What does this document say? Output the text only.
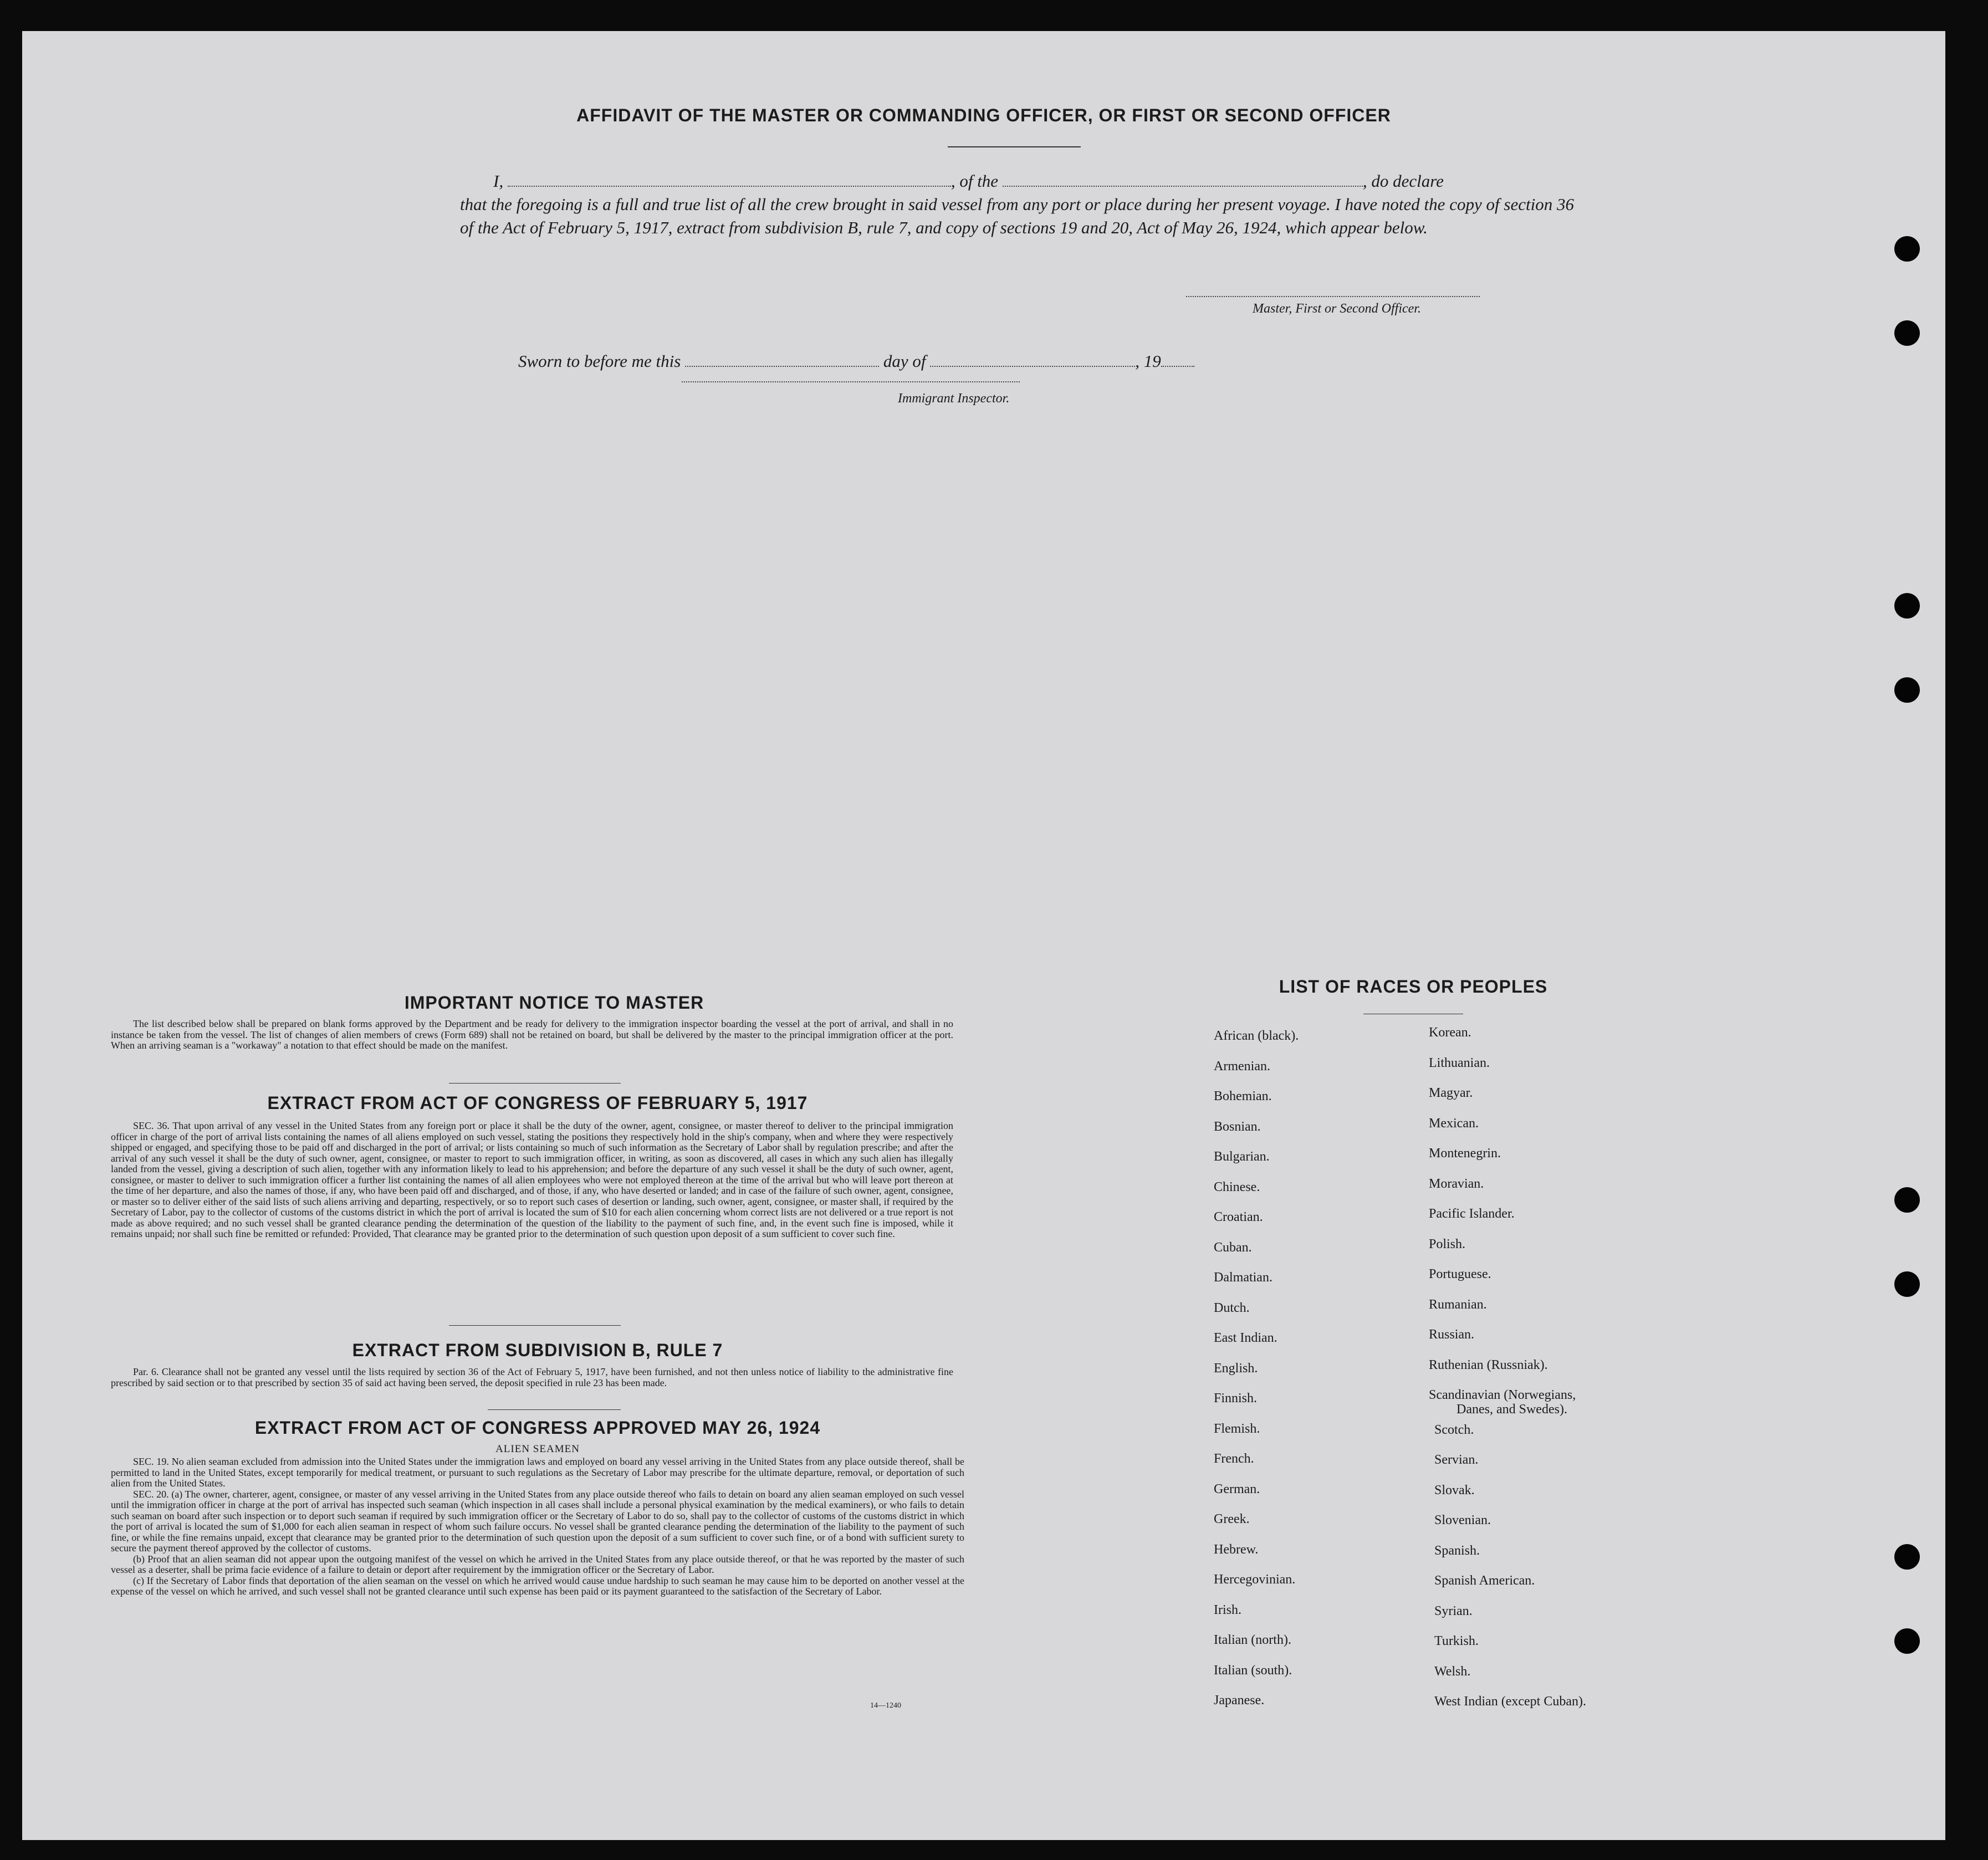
AFFIDAVIT OF THE MASTER OR COMMANDING OFFICER, OR FIRST OR SECOND OFFICER
I,	, of the	, do declare
that the foregoing is a full and true list of all the crew brought in said vessel from any port or place during her present voyage. I have noted the copy of section 36 of the Act of February 5, 1917, extract from subdivision B, rule 7, and copy of sections 19 and 20, Act of May 26, 1924, which appear below.
Master, First or Second Officer.
Sworn to before me this	day of	, 19
Immigrant Inspector.
IMPORTANT NOTICE TO MASTER
The list described below shall be prepared on blank forms approved by the Department and be ready for delivery to the immigration inspector boarding the vessel at the port of arrival, and shall in no instance be taken from the vessel. The list of changes of alien members of crews (Form 689) shall not be retained on board, but shall be delivered by the master to the principal immigration officer at the port. When an arriving seaman is a "workaway" a notation to that effect should be made on the manifest.
EXTRACT FROM ACT OF CONGRESS OF FEBRUARY 5, 1917
SEC. 36. That upon arrival of any vessel in the United States from any foreign port or place it shall be the duty of the owner, agent, consignee, or master thereof to deliver to the principal immigration officer in charge of the port of arrival lists containing the names of all aliens employed on such vessel, stating the positions they respectively hold in the ship's company, when and where they were respectively shipped or engaged, and specifying those to be paid off and discharged in the port of arrival; or lists containing so much of such information as the Secretary of Labor shall by regulation prescribe; and after the arrival of any such vessel it shall be the duty of such owner, agent, consignee, or master to report to such immigration officer, in writing, as soon as discovered, all cases in which any such alien has illegally landed from the vessel, giving a description of such alien, together with any information likely to lead to his apprehension; and before the departure of any such vessel it shall be the duty of such owner, agent, consignee, or master to deliver to such immigration officer a further list containing the names of all alien employees who were not employed thereon at the time of the arrival but who will leave port thereon at the time of her departure, and also the names of those, if any, who have been paid off and discharged, and of those, if any, who have deserted or landed; and in case of the failure of such owner, agent, consignee, or master so to deliver either of the said lists of such aliens arriving and departing, respectively, or so to report such cases of desertion or landing, such owner, agent, consignee, or master shall, if required by the Secretary of Labor, pay to the collector of customs of the customs district in which the port of arrival is located the sum of $10 for each alien concerning whom correct lists are not delivered or a true report is not made as above required; and no such vessel shall be granted clearance pending the determination of the question of the liability to the payment of such fine, and, in the event such fine is imposed, while it remains unpaid; nor shall such fine be remitted or refunded: Provided, That clearance may be granted prior to the determination of such question upon deposit of a sum sufficient to cover such fine.
EXTRACT FROM SUBDIVISION B, RULE 7
Par. 6. Clearance shall not be granted any vessel until the lists required by section 36 of the Act of February 5, 1917, have been furnished, and not then unless notice of liability to the administrative fine prescribed by said section or to that prescribed by section 35 of said act having been served, the deposit specified in rule 23 has been made.
EXTRACT FROM ACT OF CONGRESS APPROVED MAY 26, 1924
ALIEN SEAMEN
SEC. 19. No alien seaman excluded from admission into the United States under the immigration laws and employed on board any vessel arriving in the United States from any place outside thereof, shall be permitted to land in the United States, except temporarily for medical treatment, or pursuant to such regulations as the Secretary of Labor may prescribe for the ultimate departure, removal, or deportation of such alien from the United States.
SEC. 20. (a) The owner, charterer, agent, consignee, or master of any vessel arriving in the United States from any place outside thereof who fails to detain on board any alien seaman employed on such vessel until the immigration officer in charge at the port of arrival has inspected such seaman (which inspection in all cases shall include a personal physical examination by the medical examiners), or who fails to detain such seaman on board after such inspection or to deport such seaman if required by such immigration officer or the Secretary of Labor to do so, shall pay to the collector of customs of the customs district in which the port of arrival is located the sum of $1,000 for each alien seaman in respect of whom such failure occurs. No vessel shall be granted clearance pending the determination of the liability to the payment of such fine, or while the fine remains unpaid, except that clearance may be granted prior to the determination of such question upon the deposit of a sum sufficient to cover such fine, or of a bond with sufficient surety to secure the payment thereof approved by the collector of customs.
(b) Proof that an alien seaman did not appear upon the outgoing manifest of the vessel on which he arrived in the United States from any place outside thereof, or that he was reported by the master of such vessel as a deserter, shall be prima facie evidence of a failure to detain or deport after requirement by the immigration officer or the Secretary of Labor.
(c) If the Secretary of Labor finds that deportation of the alien seaman on the vessel on which he arrived would cause undue hardship to such seaman he may cause him to be deported on another vessel at the expense of the vessel on which he arrived, and such vessel shall not be granted clearance until such expense has been paid or its payment guaranteed to the satisfaction of the Secretary of Labor.
14—1240
LIST OF RACES OR PEOPLES
African (black).
Armenian.
Bohemian.
Bosnian.
Bulgarian.
Chinese.
Croatian.
Cuban.
Dalmatian.
Dutch.
East Indian.
English.
Finnish.
Flemish.
French.
German.
Greek.
Hebrew.
Hercegovinian.
Irish.
Italian (north).
Italian (south).
Japanese.
Korean.
Lithuanian.
Magyar.
Mexican.
Montenegrin.
Moravian.
Pacific Islander.
Polish.
Portuguese.
Rumanian.
Russian.
Ruthenian (Russniak).
Scandinavian (Norwegians,
Danes, and Swedes).
Scotch.
Servian.
Slovak.
Slovenian.
Spanish.
Spanish American.
Syrian.
Turkish.
Welsh.
West Indian (except Cuban).
